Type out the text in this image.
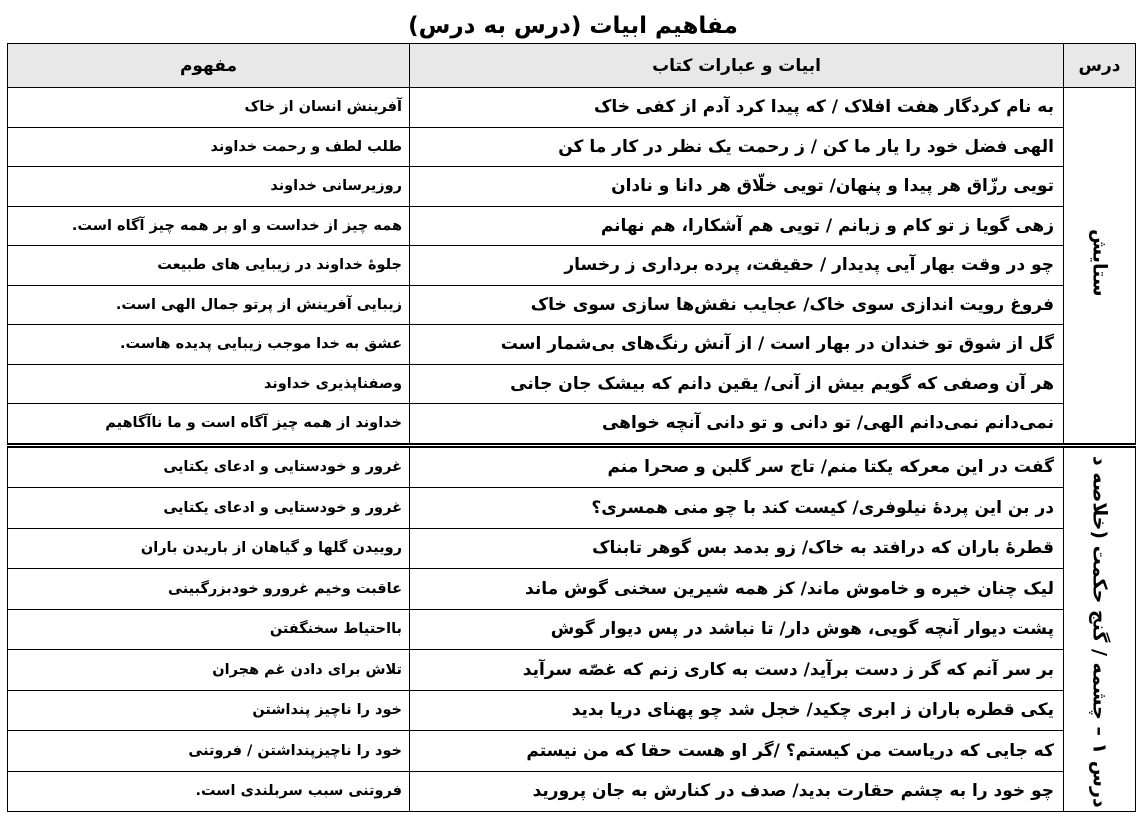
مفاهیم ابیات (درس به درس)
درس	ابیات و عبارات کتاب	مفهوم
ستایش	به نام کردگار هفت افلاک / که پیدا کرد آدم از کفی خاک	آفرینش انسان از خاک
	الهی فضل خود را یار ما کن / ز رحمت یک نظر در کار ما کن	طلب لطف و رحمت خداوند
	تویی رزّاق هر پیدا و پنهان/ تویی خلّاق هر دانا و نادان	روزیرسانی خداوند
	زهی گویا ز تو کام و زبانم / تویی هم آشکارا، هم نهانم	همه چیز از خداست و او بر همه چیز آگاه است.
	چو در وقت بهار آیی پدیدار / حقیقت، پرده برداری ز رخسار	جلوهٔ خداوند در زیبایی های طبیعت
	فروغ رویت اندازی سوی خاک/ عجایب نقش‌ها سازی سوی خاک	زیبایی آفرینش از پرتو جمال الهی است.
	گل از شوق تو خندان در بهار است / از آنش رنگ‌های بی‌شمار است	عشق به خدا موجب زیبایی پدیده هاست.
	هر آن وصفی که گویم بیش از آنی/ یقین دانم که بیشک جان جانی	وصفناپذیری خداوند
	نمی‌دانم نمی‌دانم الهی/ تو دانی و تو دانی آنچه خواهی	خداوند از همه چیز آگاه است و ما ناآگاهیم
درس ۱ – چشمه / گنج حکمت (خلاصه د	گفت در این معرکه یکتا منم/ تاج سر گلبن و صحرا منم	غرور و خودستایی و ادعای یکتایی
	در بن این پردهٔ نیلوفری/ کیست کند با چو منی همسری؟	غرور و خودستایی و ادعای یکتایی
	قطرهٔ باران که درافتد به خاک/ زو بدمد بس گوهر تابناک	روییدن گلها و گیاهان از باریدن باران
	لیک چنان خیره و خاموش ماند/ کز همه شیرین سخنی گوش ماند	عاقبت وخیم غرورو خودبزرگبینی
	پشت دیوار آنچه گویی، هوش دار/ تا نباشد در پس دیوار گوش	بااحتیاط سخنگفتن
	بر سر آنم که گر ز دست برآید/ دست به کاری زنم که غصّه سرآید	تلاش برای دادن غم هجران
	یکی قطره باران ز ابری چکید/ خجل شد چو پهنای دریا بدید	خود را ناچیز پنداشتن
	که جایی که دریاست من کیستم؟ /گر او هست حقا که من نیستم	خود را ناچیزپنداشتن / فروتنی
	چو خود را به چشم حقارت بدید/ صدف در کنارش به جان پرورید	فروتنی سبب سربلندی است.
